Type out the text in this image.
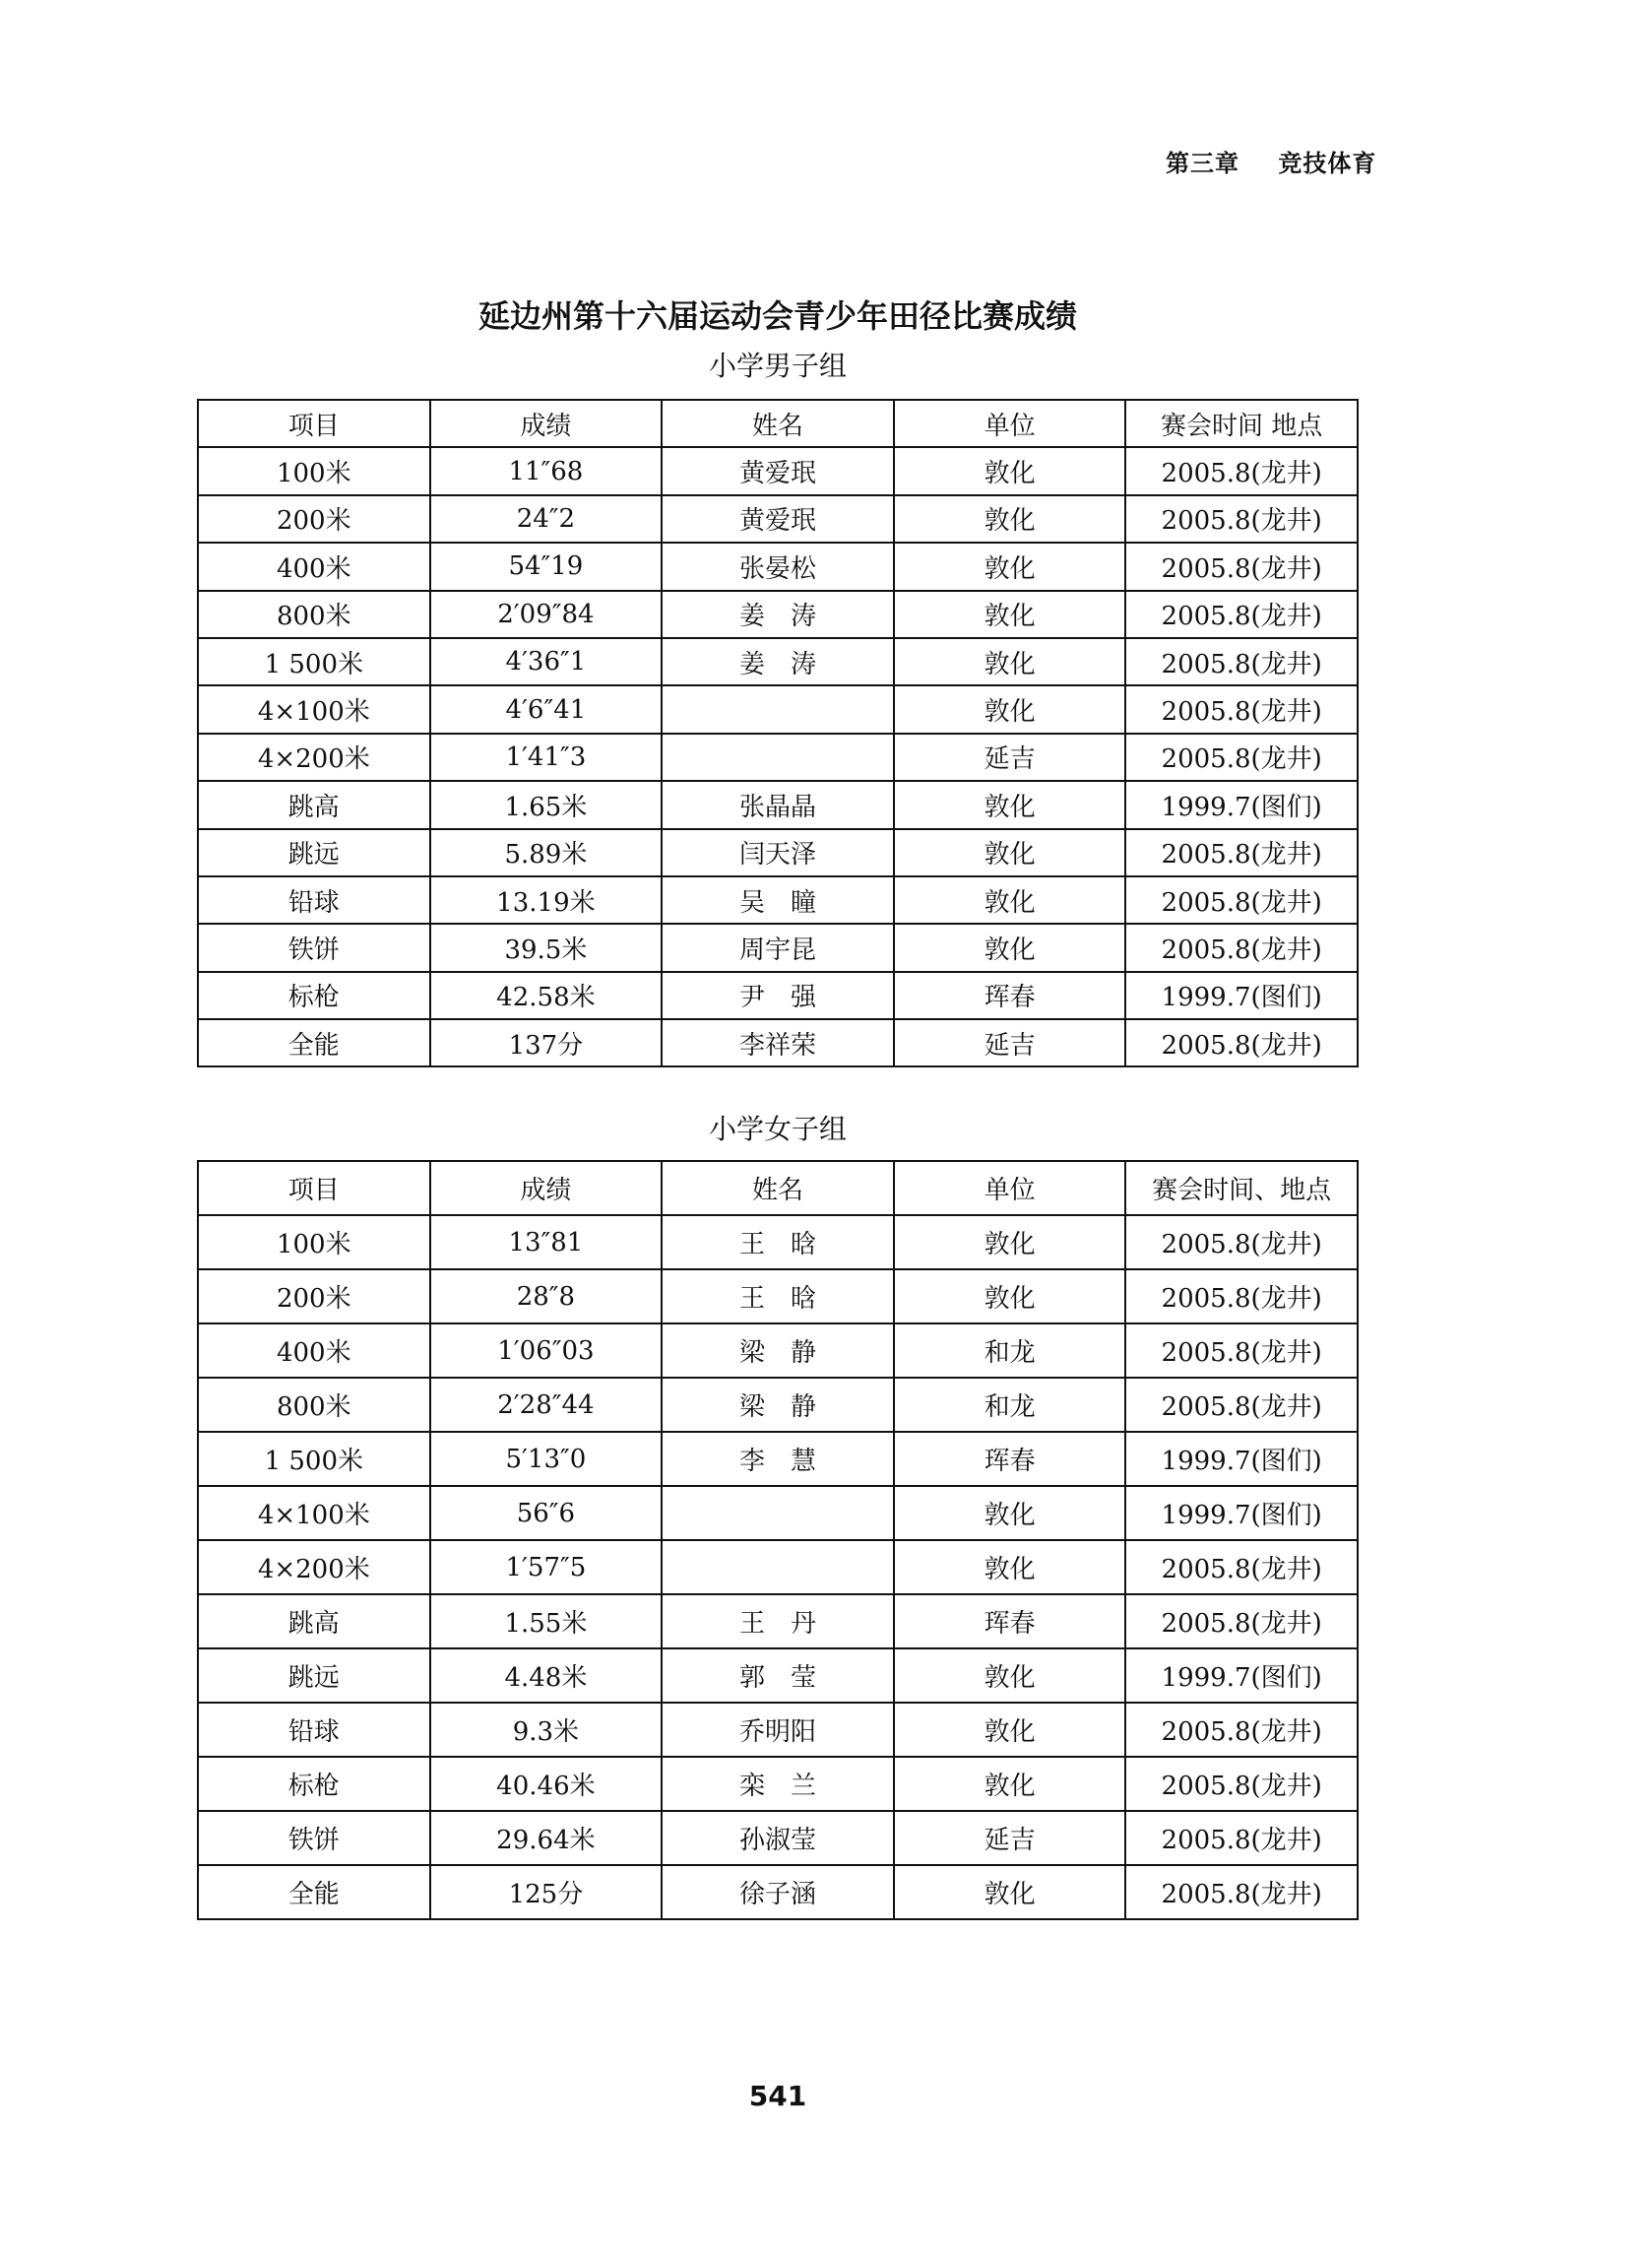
第三章 竞技体育
延边州第十六届运动会青少年田径比赛成绩
小学男子组
项目	成绩	姓名	单位	赛会时间 地点
100米	11″68	黄爱珉	敦化	2005.8(龙井)
200米	24″2	黄爱珉	敦化	2005.8(龙井)
400米	54″19	张晏松	敦化	2005.8(龙井)
800米	2′09″84	姜　涛	敦化	2005.8(龙井)
1 500米	4′36″1	姜　涛	敦化	2005.8(龙井)
4×100米	4′6″41		敦化	2005.8(龙井)
4×200米	1′41″3		延吉	2005.8(龙井)
跳高	1.65米	张晶晶	敦化	1999.7(图们)
跳远	5.89米	闫天泽	敦化	2005.8(龙井)
铅球	13.19米	吴　瞳	敦化	2005.8(龙井)
铁饼	39.5米	周宇昆	敦化	2005.8(龙井)
标枪	42.58米	尹　强	珲春	1999.7(图们)
全能	137分	李祥荣	延吉	2005.8(龙井)
小学女子组
项目	成绩	姓名	单位	赛会时间、地点
100米	13″81	王　晗	敦化	2005.8(龙井)
200米	28″8	王　晗	敦化	2005.8(龙井)
400米	1′06″03	梁　静	和龙	2005.8(龙井)
800米	2′28″44	梁　静	和龙	2005.8(龙井)
1 500米	5′13″0	李　慧	珲春	1999.7(图们)
4×100米	56″6		敦化	1999.7(图们)
4×200米	1′57″5		敦化	2005.8(龙井)
跳高	1.55米	王　丹	珲春	2005.8(龙井)
跳远	4.48米	郭　莹	敦化	1999.7(图们)
铅球	9.3米	乔明阳	敦化	2005.8(龙井)
标枪	40.46米	栾　兰	敦化	2005.8(龙井)
铁饼	29.64米	孙淑莹	延吉	2005.8(龙井)
全能	125分	徐子涵	敦化	2005.8(龙井)
541
